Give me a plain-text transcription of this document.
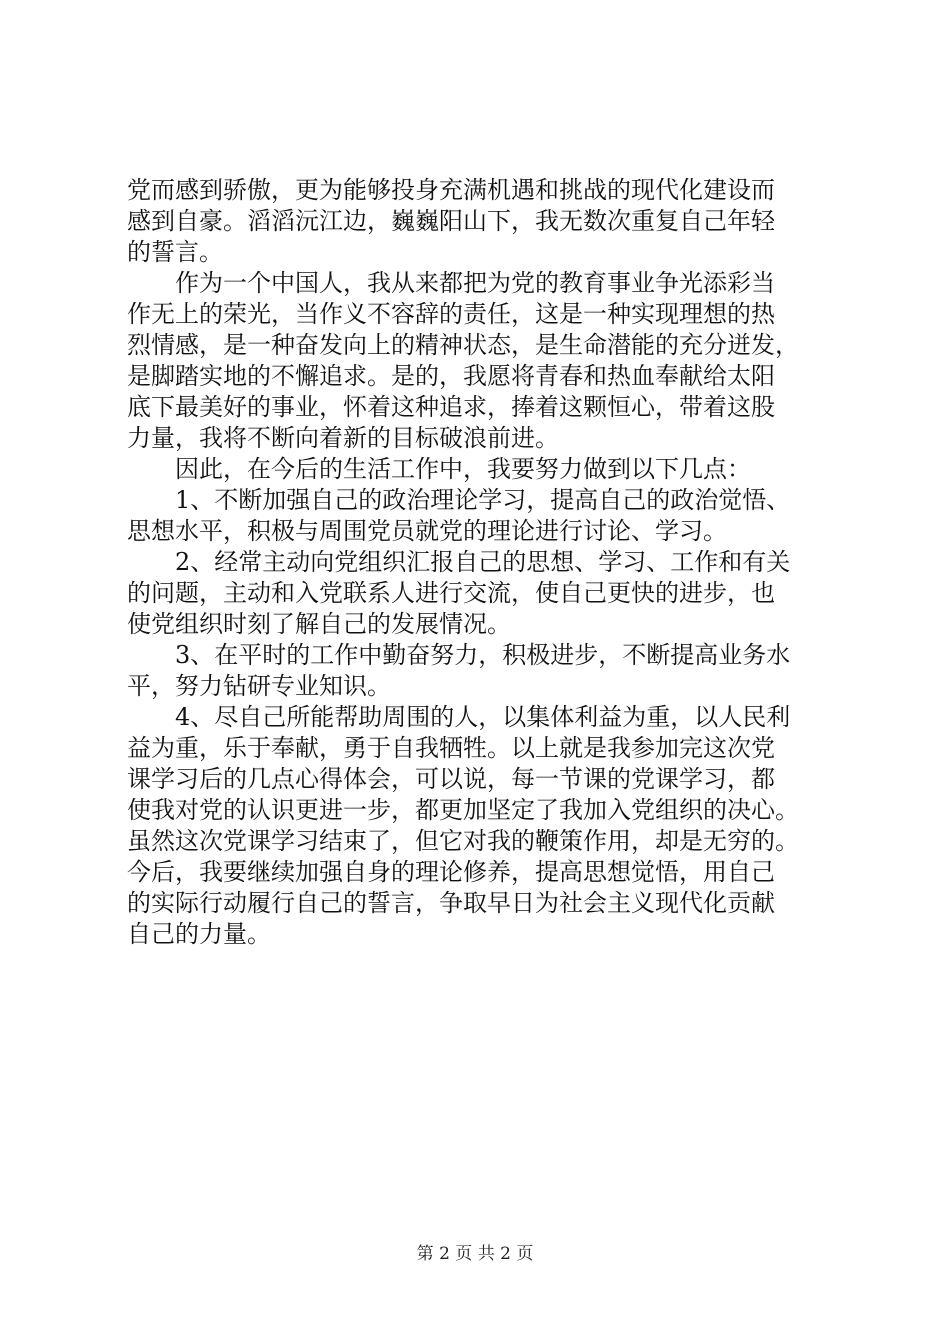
党而感到骄傲，更为能够投身充满机遇和挑战的现代化建设而
感到自豪。滔滔沅江边，巍巍阳山下，我无数次重复自己年轻
的誓言。
作为一个中国人，我从来都把为党的教育事业争光添彩当
作无上的荣光，当作义不容辞的责任，这是一种实现理想的热
烈情感，是一种奋发向上的精神状态，是生命潜能的充分迸发，
是脚踏实地的不懈追求。是的，我愿将青春和热血奉献给太阳
底下最美好的事业，怀着这种追求，捧着这颗恒心，带着这股
力量，我将不断向着新的目标破浪前进。
因此，在今后的生活工作中，我要努力做到以下几点：
1、不断加强自己的政治理论学习，提高自己的政治觉悟、
思想水平，积极与周围党员就党的理论进行讨论、学习。
2、经常主动向党组织汇报自己的思想、学习、工作和有关
的问题，主动和入党联系人进行交流，使自己更快的进步，也
使党组织时刻了解自己的发展情况。
3、在平时的工作中勤奋努力，积极进步，不断提高业务水
平，努力钻研专业知识。
4、尽自己所能帮助周围的人，以集体利益为重，以人民利
益为重，乐于奉献，勇于自我牺牲。以上就是我参加完这次党
课学习后的几点心得体会，可以说，每一节课的党课学习，都
使我对党的认识更进一步，都更加坚定了我加入党组织的决心。
虽然这次党课学习结束了，但它对我的鞭策作用，却是无穷的。
今后，我要继续加强自身的理论修养，提高思想觉悟，用自己
的实际行动履行自己的誓言，争取早日为社会主义现代化贡献
自己的力量。
第 2 页 共 2 页
